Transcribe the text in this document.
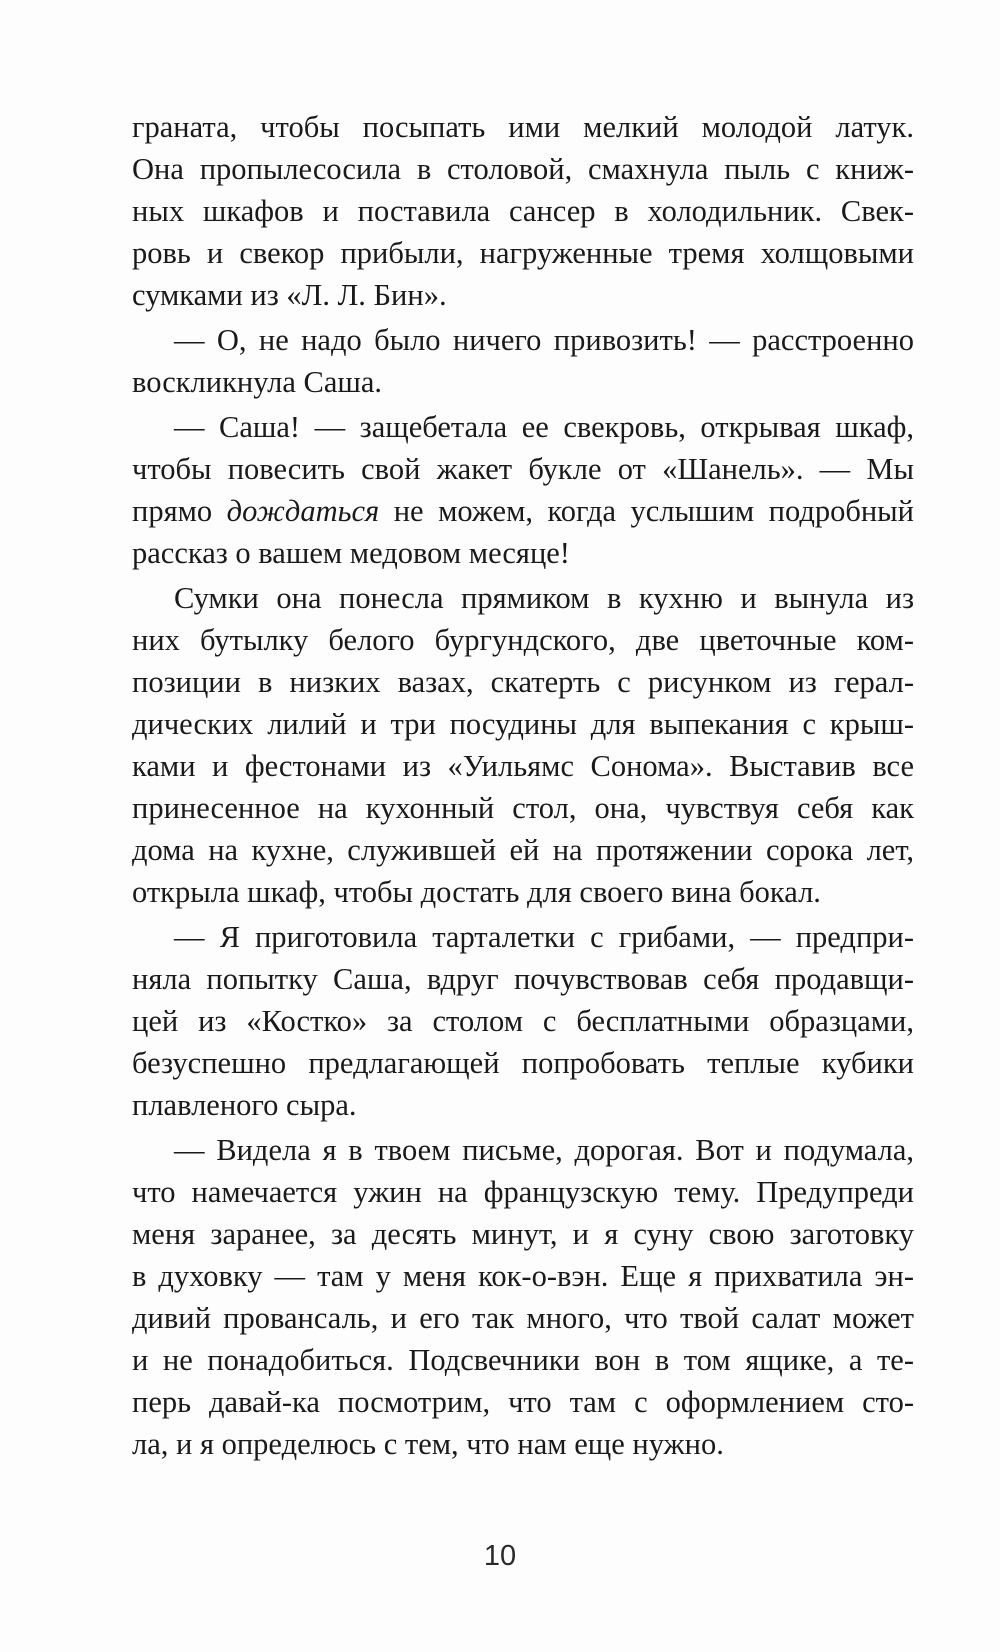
граната, чтобы посыпать ими мелкий молодой латук.
Она пропылесосила в столовой, смахнула пыль с книж-
ных шкафов и поставила сансер в холодильник. Свек-
ровь и свекор прибыли, нагруженные тремя холщовыми
сумками из «Л. Л. Бин».
— О, не надо было ничего привозить! — расстроенно
воскликнула Саша.
— Саша! — защебетала ее свекровь, открывая шкаф,
чтобы повесить свой жакет букле от «Шанель». — Мы
прямо дождаться не можем, когда услышим подробный
рассказ о вашем медовом месяце!
Сумки она понесла прямиком в кухню и вынула из
них бутылку белого бургундского, две цветочные ком-
позиции в низких вазах, скатерть с рисунком из герал-
дических лилий и три посудины для выпекания с крыш-
ками и фестонами из «Уильямс Сонома». Выставив все
принесенное на кухонный стол, она, чувствуя себя как
дома на кухне, служившей ей на протяжении сорока лет,
открыла шкаф, чтобы достать для своего вина бокал.
— Я приготовила тарталетки с грибами, — предпри-
няла попытку Саша, вдруг почувствовав себя продавщи-
цей из «Костко» за столом с бесплатными образцами,
безуспешно предлагающей попробовать теплые кубики
плавленого сыра.
— Видела я в твоем письме, дорогая. Вот и подумала,
что намечается ужин на французскую тему. Предупреди
меня заранее, за десять минут, и я суну свою заготовку
в духовку — там у меня кок-о-вэн. Еще я прихватила эн-
дивий провансаль, и его так много, что твой салат может
и не понадобиться. Подсвечники вон в том ящике, а те-
перь давай-ка посмотрим, что там с оформлением сто-
ла, и я определюсь с тем, что нам еще нужно.
10
